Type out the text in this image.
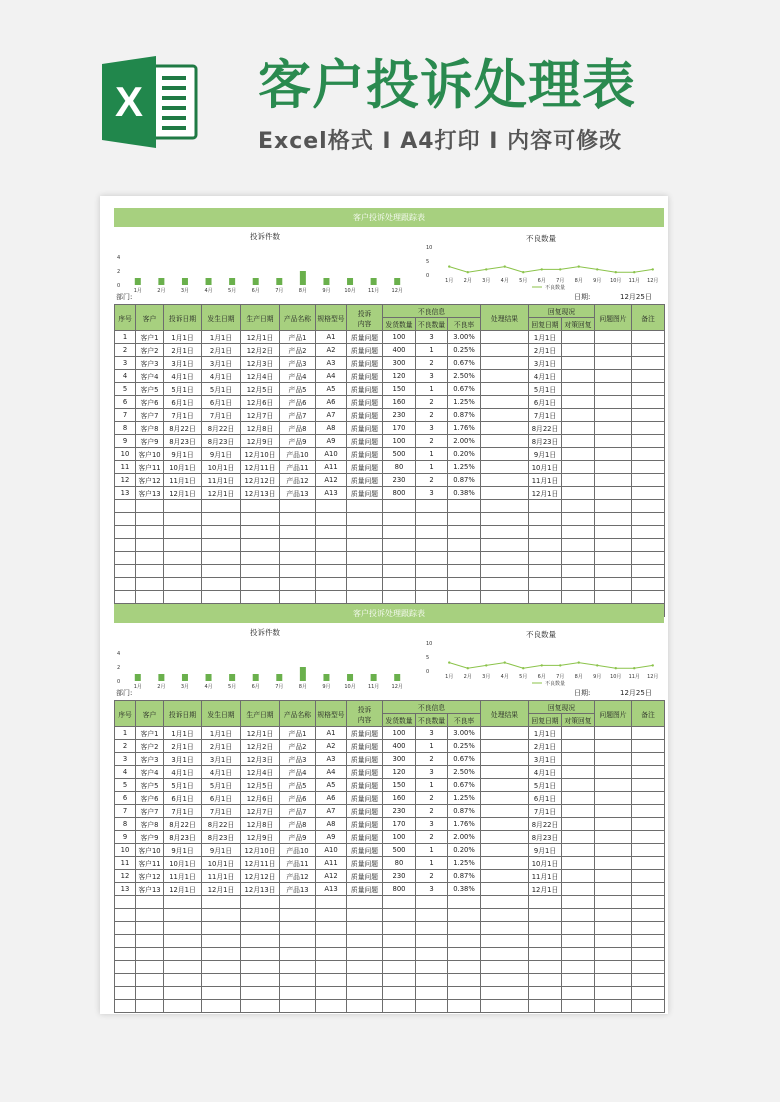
X 客户投诉处理表
Excel格式 I A4打印 I 内容可修改
客户投诉处理跟踪表
投诉件数	不良数量
0
2
4
1月	2月	3月	4月	5月	6月	7月	8月	9月	10月 11月 12月
0
5
10
1月 2月 3月 4月 5月 6月 7月 8月 9月 10月 11月 12月
不良数量
部门:	日期:	12月25日
序号	客户	投诉日期	发生日期	生产日期	产品名称	规格型号	投诉
内容	不良信息			处理结果	回复现况		问题图片	备注
								发货数量	不良数量	不良率		回复日期	对策回复		
1	客户1	1月1日	1月1日	12月1日	产品1	A1	质量问题	100	3	3.00%		1月1日			
2	客户2	2月1日	2月1日	12月2日	产品2	A2	质量问题	400	1	0.25%		2月1日			
3	客户3	3月1日	3月1日	12月3日	产品3	A3	质量问题	300	2	0.67%		3月1日			
4	客户4	4月1日	4月1日	12月4日	产品4	A4	质量问题	120	3	2.50%		4月1日			
5	客户5	5月1日	5月1日	12月5日	产品5	A5	质量问题	150	1	0.67%		5月1日			
6	客户6	6月1日	6月1日	12月6日	产品6	A6	质量问题	160	2	1.25%		6月1日			
7	客户7	7月1日	7月1日	12月7日	产品7	A7	质量问题	230	2	0.87%		7月1日			
8	客户8	8月22日	8月22日	12月8日	产品8	A8	质量问题	170	3	1.76%		8月22日			
9	客户9	8月23日	8月23日	12月9日	产品9	A9	质量问题	100	2	2.00%		8月23日			
10	客户10	9月1日	9月1日	12月10日	产品10	A10	质量问题	500	1	0.20%		9月1日			
11	客户11	10月1日	10月1日	12月11日	产品11	A11	质量问题	80	1	1.25%		10月1日			
12	客户12	11月1日	11月1日	12月12日	产品12	A12	质量问题	230	2	0.87%		11月1日			
13	客户13	12月1日	12月1日	12月13日	产品13	A13	质量问题	800	3	0.38%		12月1日			

客户投诉处理跟踪表
投诉件数	不良数量
0
2
4
1月	2月	3月	4月	5月	6月	7月	8月	9月	10月 11月 12月
0
5
10
1月 2月 3月 4月 5月 6月 7月 8月 9月 10月 11月 12月
不良数量
部门:	日期:	12月25日
序号	客户	投诉日期	发生日期	生产日期	产品名称	规格型号	投诉
内容	不良信息			处理结果	回复现况		问题图片	备注
								发货数量	不良数量	不良率		回复日期	对策回复		
1	客户1	1月1日	1月1日	12月1日	产品1	A1	质量问题	100	3	3.00%		1月1日			
2	客户2	2月1日	2月1日	12月2日	产品2	A2	质量问题	400	1	0.25%		2月1日			
3	客户3	3月1日	3月1日	12月3日	产品3	A3	质量问题	300	2	0.67%		3月1日			
4	客户4	4月1日	4月1日	12月4日	产品4	A4	质量问题	120	3	2.50%		4月1日			
5	客户5	5月1日	5月1日	12月5日	产品5	A5	质量问题	150	1	0.67%		5月1日			
6	客户6	6月1日	6月1日	12月6日	产品6	A6	质量问题	160	2	1.25%		6月1日			
7	客户7	7月1日	7月1日	12月7日	产品7	A7	质量问题	230	2	0.87%		7月1日			
8	客户8	8月22日	8月22日	12月8日	产品8	A8	质量问题	170	3	1.76%		8月22日			
9	客户9	8月23日	8月23日	12月9日	产品9	A9	质量问题	100	2	2.00%		8月23日			
10	客户10	9月1日	9月1日	12月10日	产品10	A10	质量问题	500	1	0.20%		9月1日			
11	客户11	10月1日	10月1日	12月11日	产品11	A11	质量问题	80	1	1.25%		10月1日			
12	客户12	11月1日	11月1日	12月12日	产品12	A12	质量问题	230	2	0.87%		11月1日			
13	客户13	12月1日	12月1日	12月13日	产品13	A13	质量问题	800	3	0.38%		12月1日			
